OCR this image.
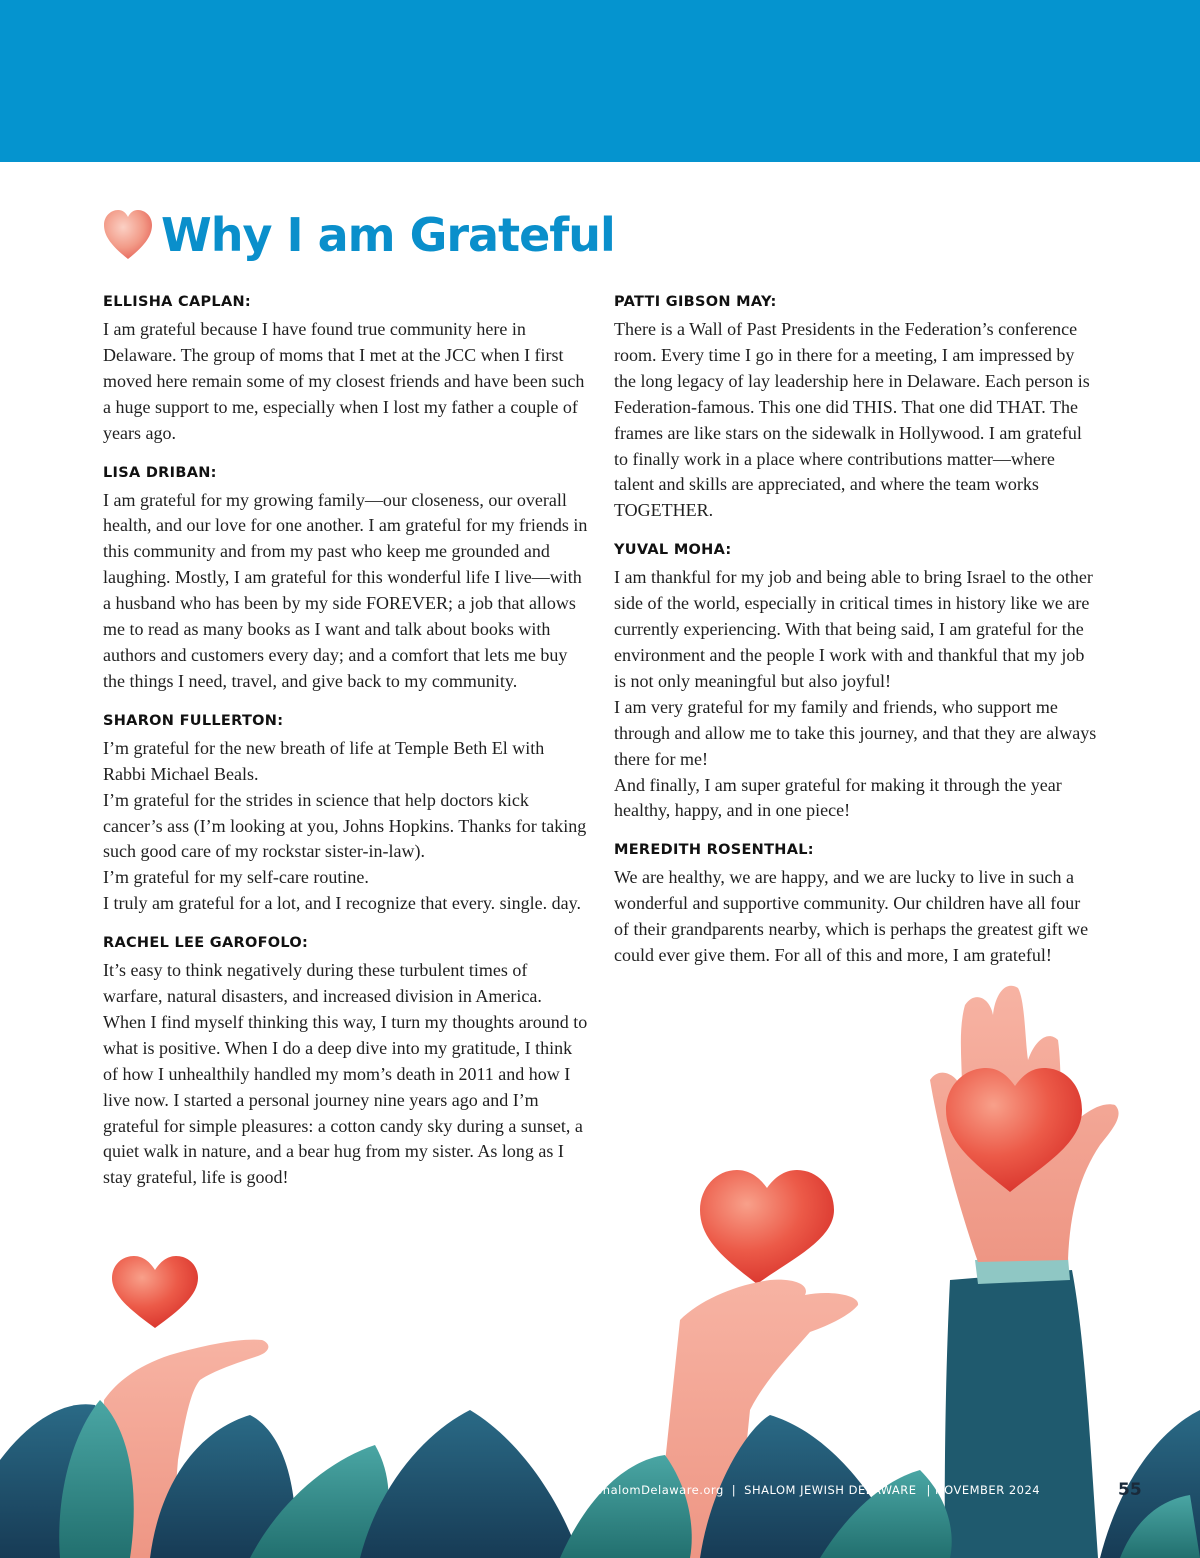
Why I am Grateful
ELLISHA CAPLAN:

I am grateful because I have found true community here in Delaware. The group of moms that I met at the JCC when I first moved here remain some of my closest friends and have been such a huge support to me, especially when I lost my father a couple of years ago.

LISA DRIBAN:

I am grateful for my growing family—our closeness, our overall health, and our love for one another. I am grateful for my friends in this community and from my past who keep me grounded and laughing. Mostly, I am grateful for this wonderful life I live—with a husband who has been by my side FOREVER; a job that allows me to read as many books as I want and talk about books with authors and customers every day; and a comfort that lets me buy the things I need, travel, and give back to my community.

SHARON FULLERTON:

I’m grateful for the new breath of life at Temple Beth El with Rabbi Michael Beals.

I’m grateful for the strides in science that help doctors kick cancer’s ass (I’m looking at you, Johns Hopkins. Thanks for taking such good care of my rockstar sister-in-law).

I’m grateful for my self-care routine.

I truly am grateful for a lot, and I recognize that every. single. day.

RACHEL LEE GAROFOLO:

It’s easy to think negatively during these turbulent times of warfare, natural disasters, and increased division in America. When I find myself thinking this way, I turn my thoughts around to what is positive. When I do a deep dive into my gratitude, I think of how I unhealthily handled my mom’s death in 2011 and how I live now. I started a personal journey nine years ago and I’m grateful for simple pleasures: a cotton candy sky during a sunset, a quiet walk in nature, and a bear hug from my sister. As long as I stay grateful, life is good!

PATTI GIBSON MAY:

There is a Wall of Past Presidents in the Federation’s conference room. Every time I go in there for a meeting, I am impressed by the long legacy of lay leadership here in Delaware. Each person is Federation-famous. This one did THIS. That one did THAT. The frames are like stars on the sidewalk in Hollywood. I am grateful to finally work in a place where contributions matter—where talent and skills are appreciated, and where the team works TOGETHER.

YUVAL MOHA:

I am thankful for my job and being able to bring Israel to the other side of the world, especially in critical times in history like we are currently experiencing. With that being said, I am grateful for the environment and the people I work with and thankful that my job is not only meaningful but also joyful!

I am very grateful for my family and friends, who support me through and allow me to take this journey, and that they are always there for me!

And finally, I am super grateful for making it through the year healthy, happy, and in one piece!

MEREDITH ROSENTHAL:

We are healthy, we are happy, and we are lucky to live in such a wonderful and supportive community. Our children have all four of their grandparents nearby, which is perhaps the greatest gift we could ever give them. For all of this and more, I am grateful!

ShalomDelaware.org | SHALOM JEWISH DELAWARE | NOVEMBER 2024	55
